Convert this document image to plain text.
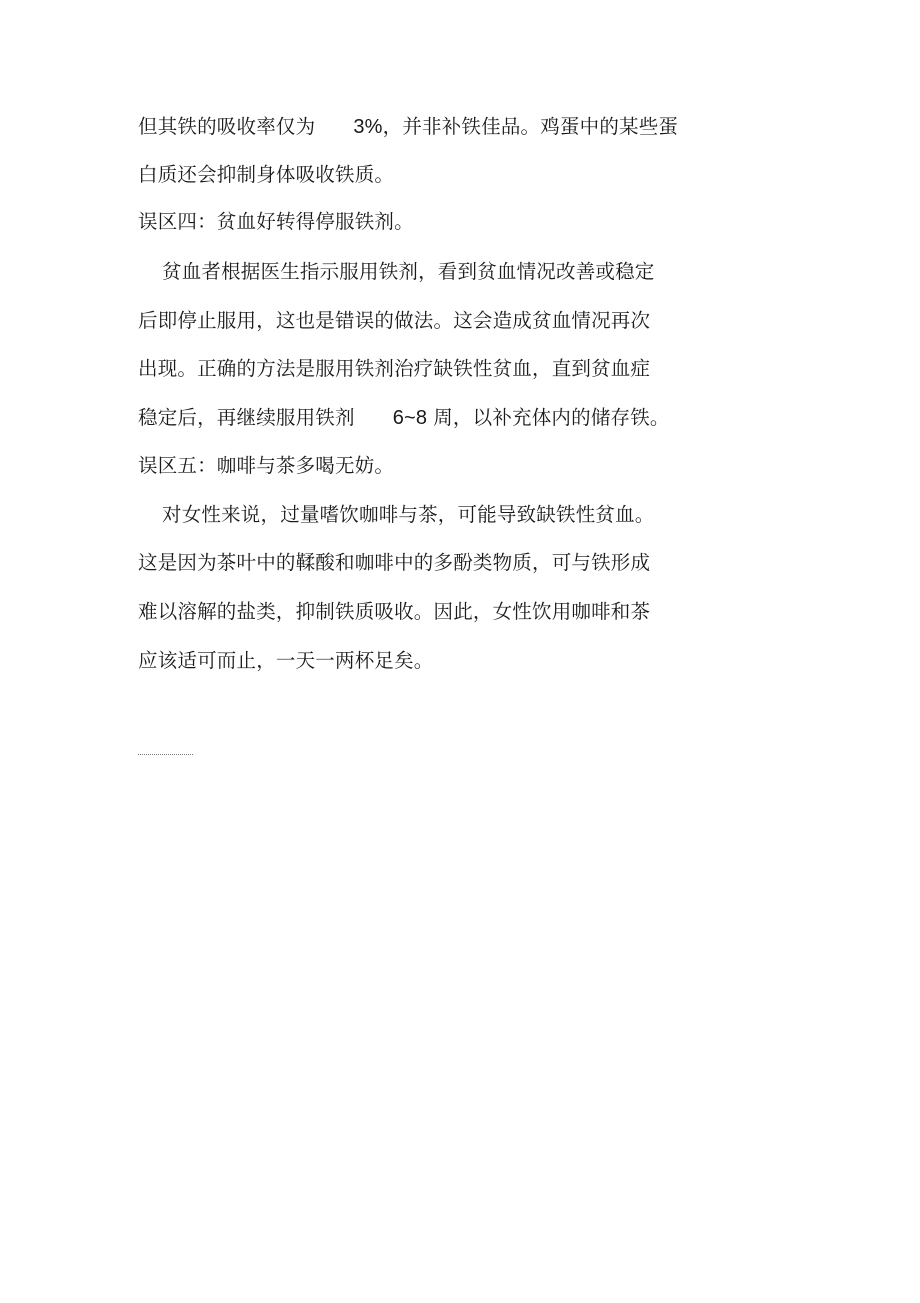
但其铁的吸收率仅为 3%，并非补铁佳品。鸡蛋中的某些蛋
白质还会抑制身体吸收铁质。
误区四：贫血好转得停服铁剂。
贫血者根据医生指示服用铁剂，看到贫血情况改善或稳定
后即停止服用，这也是错误的做法。这会造成贫血情况再次
出现。正确的方法是服用铁剂治疗缺铁性贫血，直到贫血症
稳定后，再继续服用铁剂 6~8 周，以补充体内的储存铁。
误区五：咖啡与茶多喝无妨。
对女性来说，过量嗜饮咖啡与茶，可能导致缺铁性贫血。
这是因为茶叶中的鞣酸和咖啡中的多酚类物质，可与铁形成
难以溶解的盐类，抑制铁质吸收。因此，女性饮用咖啡和茶
应该适可而止，一天一两杯足矣。
